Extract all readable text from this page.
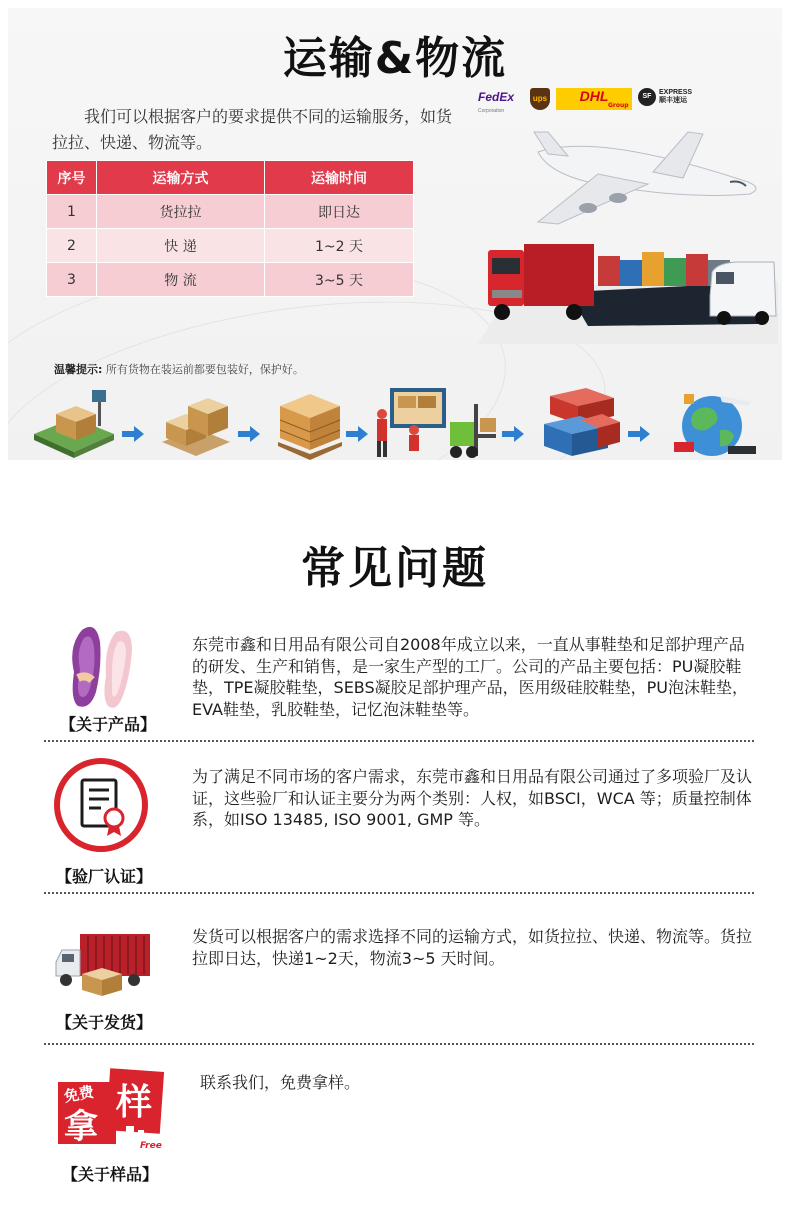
运输&物流

我们可以根据客户的要求提供不同的运输服务，如货拉拉、快递、物流等。

序号	运输方式	运输时间
1	货拉拉	即日达
2	快 递	1~2 天
3	物 流	3~5 天
FedEx
Corporation
ups	DHL
Group
SF
EXPRESS
顺丰速运
温馨提示: 所有货物在装运前都要包装好，保护好。
常见问题
【关于产品】

东莞市鑫和日用品有限公司自2008年成立以来，一直从事鞋垫和足部护理产品的研发、生产和销售，是一家生产型的工厂。公司的产品主要包括：PU凝胶鞋垫，TPE凝胶鞋垫，SEBS凝胶足部护理产品，医用级硅胶鞋垫，PU泡沫鞋垫，EVA鞋垫，乳胶鞋垫，记忆泡沫鞋垫等。

【验厂认证】

为了满足不同市场的客户需求，东莞市鑫和日用品有限公司通过了多项验厂及认证，这些验厂和认证主要分为两个类别：人权，如BSCI，WCA 等；质量控制体系，如ISO 13485, ISO 9001, GMP 等。

【关于发货】

发货可以根据客户的需求选择不同的运输方式，如货拉拉、快递、物流等。货拉拉即日达，快递1~2天，物流3~5 天时间。

免费
拿
样
Free
【关于样品】

联系我们，免费拿样。
